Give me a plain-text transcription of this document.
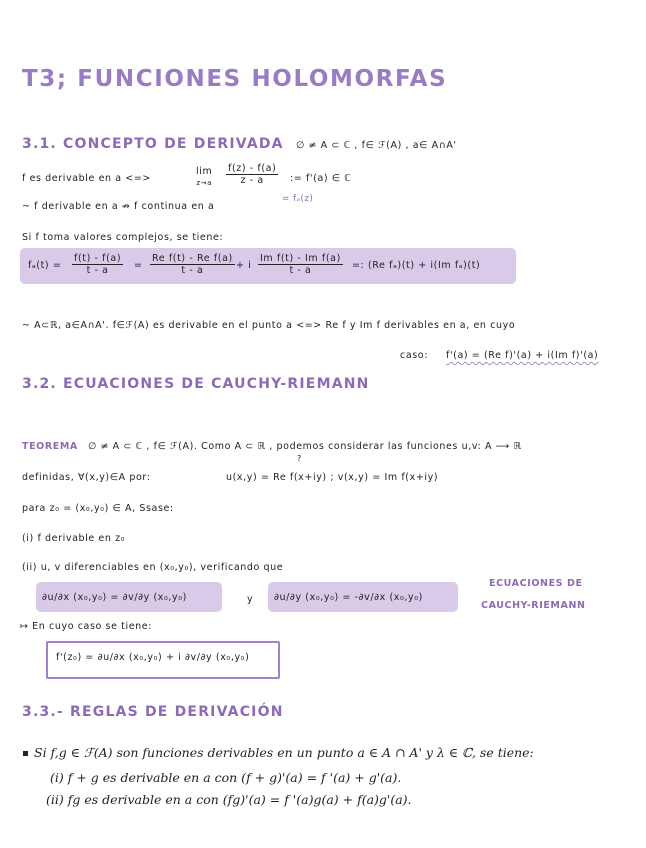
T3; FUNCIONES HOLOMORFAS
3.1. CONCEPTO DE DERIVADA ∅ ≠ A ⊂ ℂ , f∈ ℱ(A) , a∈ A∩A'
f es derivable en a <=>
lim
$z\to a \frac{f(z) - f(a)}{z - a}$ := f'(a) ∈ ℂ
= fₐ(z)
~ f derivable en a ⇏ f continua en a
Si f toma valores complejos, se tiene:
$f_a(t) = \frac{f(t) - f(a)}{t - a} = \frac{\text{Re f(t) - Re f(a)}}{t - a} + i \frac{\text{Im f(t) - Im f(a)}}{t - a}$ =: (Re fₐ)(t) + i(Im fₐ)(t)
~ A⊂ℝ, a∈A∩A'. f∈ℱ(A) es derivable en el punto a <=> Re f y Im f derivables en a, en cuyo
caso: f'(a) = (Re f)'(a) + i(Im f)'(a)
3.2. ECUACIONES DE CAUCHY-RIEMANN
TEOREMA ∅ ≠ A ⊂ ℂ , f∈ ℱ(A). Como A ⊂ ℝ , podemos considerar las funciones u,v: A ⟶ ℝ
?
definidas, ∀(x,y)∈A por:	u(x,y) = Re f(x+iy) ; v(x,y) = Im f(x+iy)
para z₀ = (x₀,y₀) ∈ A, Ssase:
(i) f derivable en z₀
(ii) u, v diferenciables en (x₀,y₀), verificando que
∂u/∂x (x₀,y₀) = ∂v/∂y (x₀,y₀)	y ∂u/∂y (x₀,y₀) = -∂v/∂x (x₀,y₀)
ECUACIONES DE
CAUCHY-RIEMANN
↦ En cuyo caso se tiene:
f'(z₀) = ∂u/∂x (x₀,y₀) + i ∂v/∂y (x₀,y₀)
3.3.- REGLAS DE DERIVACIÓN
Si f,g ∈ ℱ(A) son funciones derivables en un punto a ∈ A ∩ A' y λ ∈ ℂ, se tiene:
(i) f + g es derivable en a con (f + g)'(a) = f '(a) + g'(a).
(ii) fg es derivable en a con (fg)'(a) = f '(a)g(a) + f(a)g'(a).
